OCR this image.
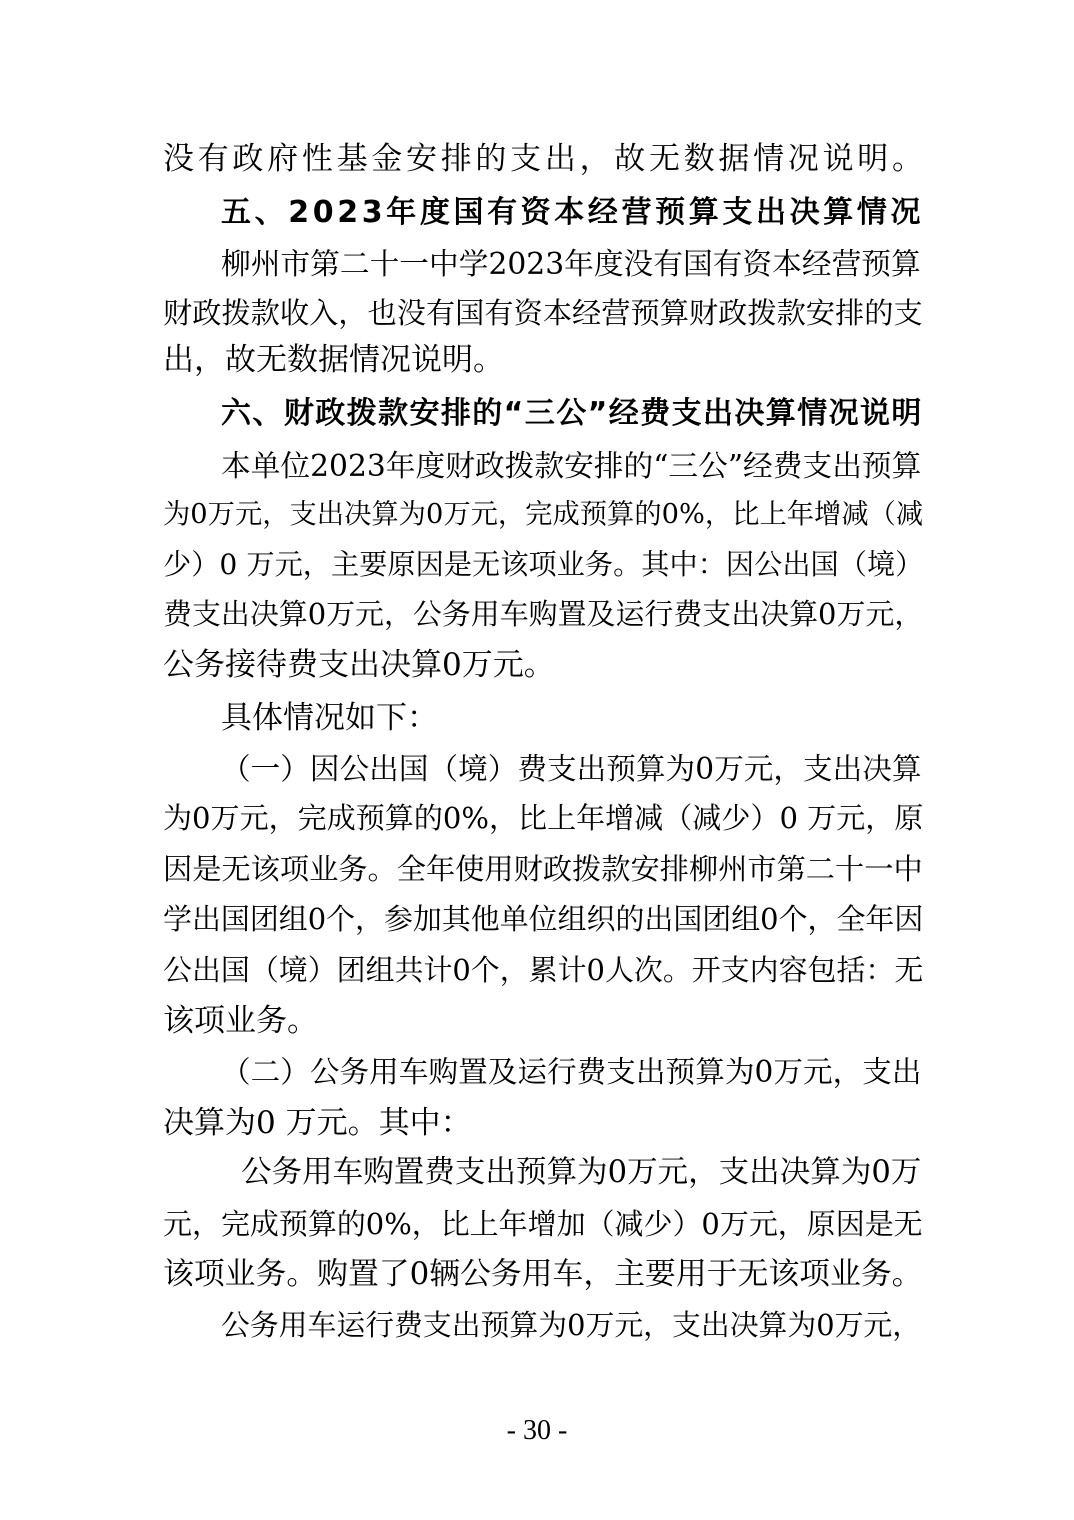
没有政府性基金安排的支出，故无数据情况说明。
五、2023年度国有资本经营预算支出决算情况
柳州市第二十一中学2023年度没有国有资本经营预算
财政拨款收入，也没有国有资本经营预算财政拨款安排的支
出，故无数据情况说明。
六、财政拨款安排的“三公”经费支出决算情况说明
本单位2023年度财政拨款安排的“三公”经费支出预算
为0万元，支出决算为0万元，完成预算的0%，比上年增减（减
少）0 万元，主要原因是无该项业务。其中：因公出国（境）
费支出决算0万元，公务用车购置及运行费支出决算0万元，
公务接待费支出决算0万元。
具体情况如下：
（一）因公出国（境）费支出预算为0万元，支出决算
为0万元，完成预算的0%，比上年增减（减少）0 万元，原
因是无该项业务。全年使用财政拨款安排柳州市第二十一中
学出国团组0个，参加其他单位组织的出国团组0个，全年因
公出国（境）团组共计0个，累计0人次。开支内容包括：无
该项业务。
（二）公务用车购置及运行费支出预算为0万元，支出
决算为0 万元。其中：
公务用车购置费支出预算为0万元，支出决算为0万
元，完成预算的0%，比上年增加（减少）0万元，原因是无
该项业务。购置了0辆公务用车，主要用于无该项业务。
公务用车运行费支出预算为0万元，支出决算为0万元，
- 30 -
